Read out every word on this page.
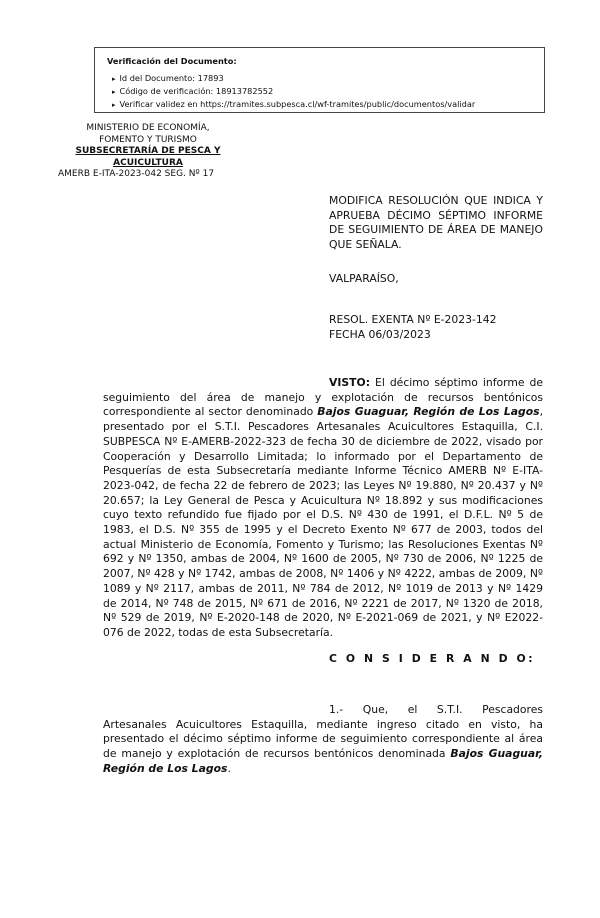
Verificación del Documento:
▸ Id del Documento: 17893
▸ Código de verificación: 18913782552
▸ Verificar validez en https://tramites.subpesca.cl/wf-tramites/public/documentos/validar
MINISTERIO DE ECONOMÍA,
FOMENTO Y TURISMO
SUBSECRETARÍA DE PESCA Y
ACUICULTURA
AMERB E-ITA-2023-042 SEG. Nº 17
MODIFICA RESOLUCIÓN QUE INDICA Y APRUEBA DÉCIMO SÉPTIMO INFORME DE SEGUIMIENTO DE ÁREA DE MANEJO QUE SEÑALA.
VALPARAÍSO,
RESOL. EXENTA Nº E-2023-142
FECHA 06/03/2023
VISTO: El décimo séptimo informe de seguimiento del área de manejo y explotación de recursos bentónicos correspondiente al sector denominado Bajos Guaguar, Región de Los Lagos, presentado por el S.T.I. Pescadores Artesanales Acuicultores Estaquilla, C.I. SUBPESCA Nº E-AMERB-2022-323 de fecha 30 de diciembre de 2022, visado por Cooperación y Desarrollo Limitada; lo informado por el Departamento de Pesquerías de esta Subsecretaría mediante Informe Técnico AMERB Nº E-ITA-2023-042, de fecha 22 de febrero de 2023; las Leyes Nº 19.880, Nº 20.437 y Nº 20.657; la Ley General de Pesca y Acuicultura Nº 18.892 y sus modificaciones cuyo texto refundido fue fijado por el D.S. Nº 430 de 1991, el D.F.L. Nº 5 de 1983, el D.S. Nº 355 de 1995 y el Decreto Exento Nº 677 de 2003, todos del actual Ministerio de Economía, Fomento y Turismo; las Resoluciones Exentas Nº 692 y Nº 1350, ambas de 2004, Nº 1600 de 2005, Nº 730 de 2006, Nº 1225 de 2007, Nº 428 y Nº 1742, ambas de 2008, Nº 1406 y Nº 4222, ambas de 2009, Nº 1089 y Nº 2117, ambas de 2011, Nº 784 de 2012, Nº 1019 de 2013 y Nº 1429 de 2014, Nº 748 de 2015, Nº 671 de 2016, Nº 2221 de 2017, Nº 1320 de 2018, Nº 529 de 2019, Nº E-2020-148 de 2020, Nº E-2021-069 de 2021, y Nº E2022-076 de 2022, todas de esta Subsecretaría.
C O N S I D E R A N D O:
1.- Que, el S.T.I. Pescadores Artesanales Acuicultores Estaquilla, mediante ingreso citado en visto, ha presentado el décimo séptimo informe de seguimiento correspondiente al área de manejo y explotación de recursos bentónicos denominada Bajos Guaguar, Región de Los Lagos.
